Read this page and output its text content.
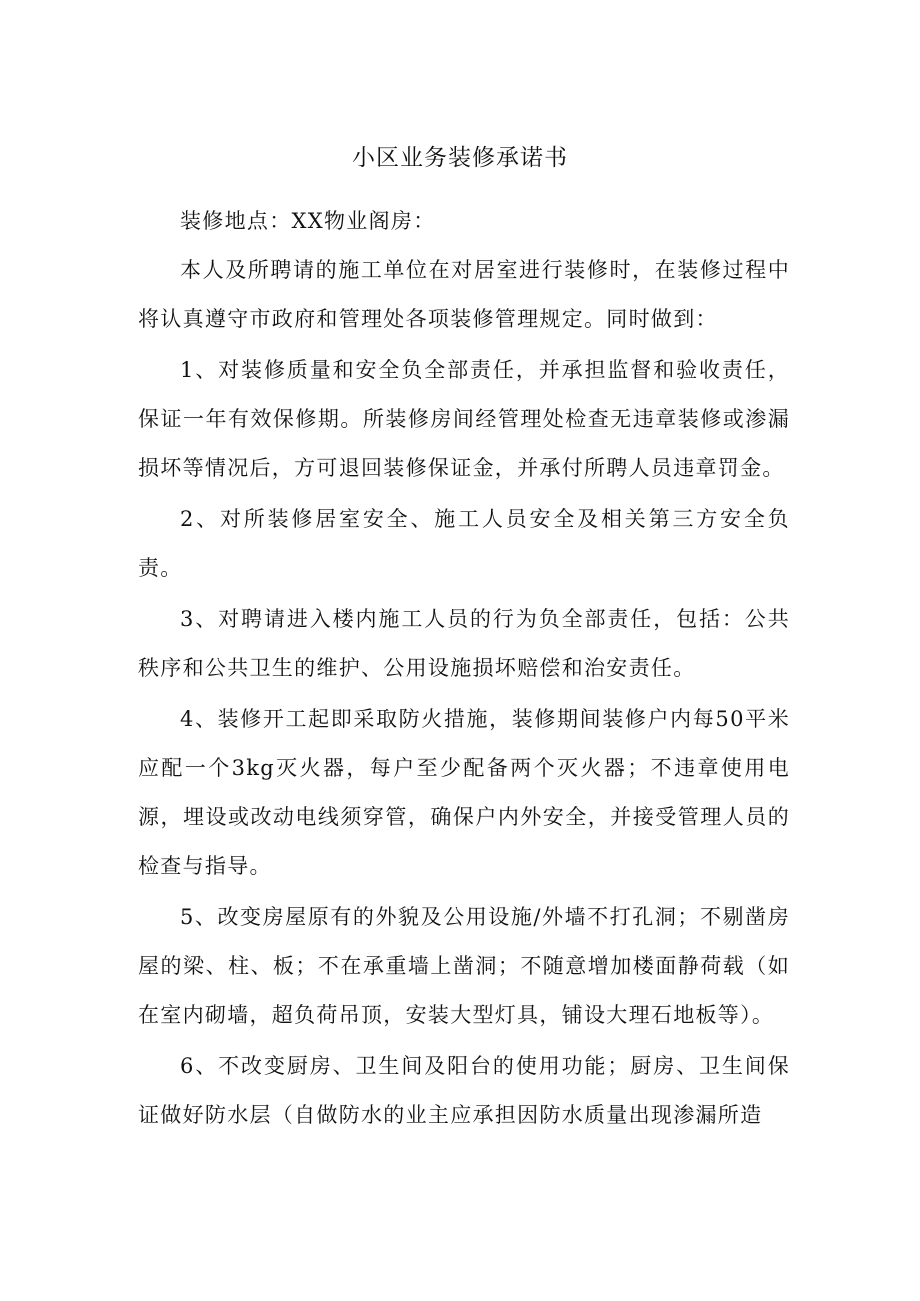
小区业务装修承诺书

装修地点：XX物业阁房：

本人及所聘请的施工单位在对居室进行装修时，在装修过程中将认真遵守市政府和管理处各项装修管理规定。同时做到：

1、对装修质量和安全负全部责任，并承担监督和验收责任，保证一年有效保修期。所装修房间经管理处检查无违章装修或渗漏损坏等情况后，方可退回装修保证金，并承付所聘人员违章罚金。

2、对所装修居室安全、施工人员安全及相关第三方安全负责。

3、对聘请进入楼内施工人员的行为负全部责任，包括：公共秩序和公共卫生的维护、公用设施损坏赔偿和治安责任。

4、装修开工起即采取防火措施，装修期间装修户内每50平米应配一个3kg灭火器，每户至少配备两个灭火器；不违章使用电源，埋设或改动电线须穿管，确保户内外安全，并接受管理人员的检查与指导。

5、改变房屋原有的外貌及公用设施/外墙不打孔洞；不剔凿房屋的梁、柱、板；不在承重墙上凿洞；不随意增加楼面静荷载（如在室内砌墙，超负荷吊顶，安装大型灯具，铺设大理石地板等）。

6、不改变厨房、卫生间及阳台的使用功能；厨房、卫生间保证做好防水层（自做防水的业主应承担因防水质量出现渗漏所造
